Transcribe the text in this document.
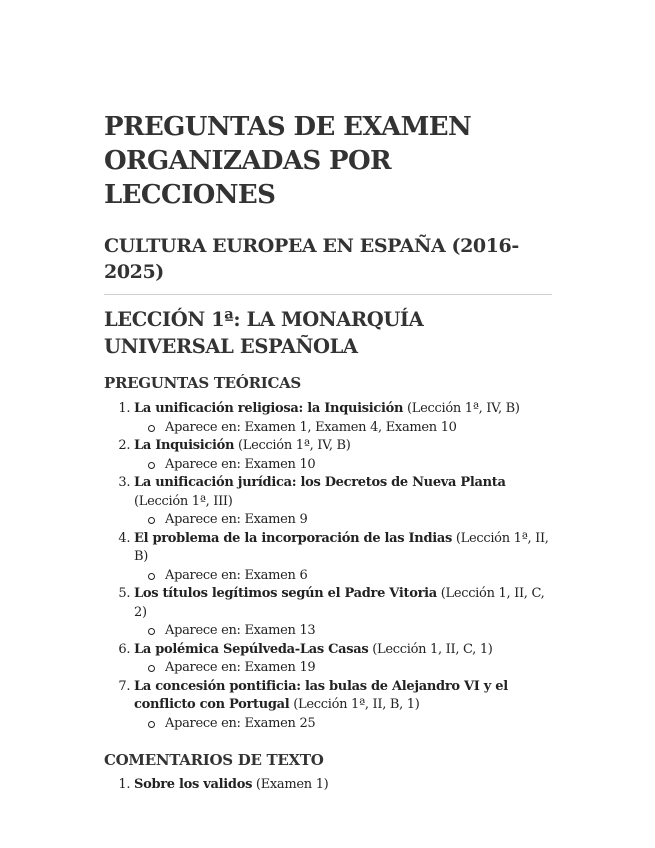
PREGUNTAS DE EXAMEN ORGANIZADAS POR LECCIONES
CULTURA EUROPEA EN ESPAÑA (2016-2025)
LECCIÓN 1ª: LA MONARQUÍA UNIVERSAL ESPAÑOLA
PREGUNTAS TEÓRICAS
1. La unificación religiosa: la Inquisición (Lección 1ª, IV, B)
Aparece en: Examen 1, Examen 4, Examen 10
2. La Inquisición (Lección 1ª, IV, B)
Aparece en: Examen 10
3. La unificación jurídica: los Decretos de Nueva Planta (Lección 1ª, III)
Aparece en: Examen 9
4. El problema de la incorporación de las Indias (Lección 1ª, II, B)
Aparece en: Examen 6
5. Los títulos legítimos según el Padre Vitoria (Lección 1, II, C, 2)
Aparece en: Examen 13
6. La polémica Sepúlveda-Las Casas (Lección 1, II, C, 1)
Aparece en: Examen 19
7. La concesión pontificia: las bulas de Alejandro VI y el conflicto con Portugal (Lección 1ª, II, B, 1)
Aparece en: Examen 25
COMENTARIOS DE TEXTO
1. Sobre los validos (Examen 1)
